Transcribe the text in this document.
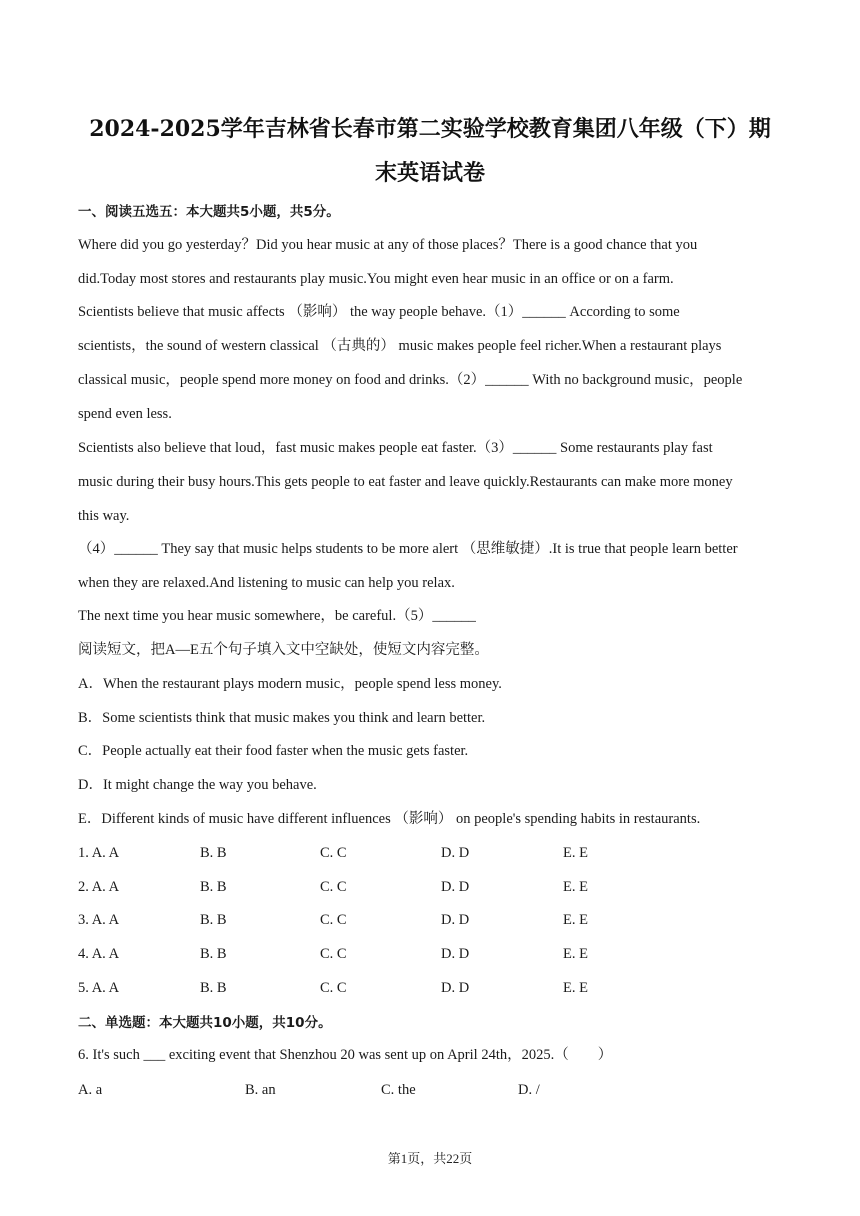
2024-2025学年吉林省长春市第二实验学校教育集团八年级（下）期
末英语试卷
一、阅读五选五：本大题共5小题，共5分。
Where did you go yesterday？Did you hear music at any of those places？There is a good chance that you
did.Today most stores and restaurants play music.You might even hear music in an office or on a farm.
Scientists believe that music affects （影响） the way people behave.（1）______ According to some
scientists，the sound of western classical （古典的） music makes people feel richer.When a restaurant plays
classical music，people spend more money on food and drinks.（2）______ With no background music，people
spend even less.
Scientists also believe that loud，fast music makes people eat faster.（3）______ Some restaurants play fast
music during their busy hours.This gets people to eat faster and leave quickly.Restaurants can make more money
this way.
（4）______ They say that music helps students to be more alert （思维敏捷）.It is true that people learn better
when they are relaxed.And listening to music can help you relax.
The next time you hear music somewhere，be careful.（5）______
阅读短文，把A—E五个句子填入文中空缺处，使短文内容完整。
A．When the restaurant plays modern music，people spend less money.
B．Some scientists think that music makes you think and learn better.
C．People actually eat their food faster when the music gets faster.
D．It might change the way you behave.
E．Different kinds of music have different influences （影响） on people's spending habits in restaurants.
1. A. A	B. B	C. C	D. D	E. E
2. A. A	B. B	C. C	D. D	E. E
3. A. A	B. B	C. C	D. D	E. E
4. A. A	B. B	C. C	D. D	E. E
5. A. A	B. B	C. C	D. D	E. E
二、单选题：本大题共10小题，共10分。
6. It's such ___ exciting event that Shenzhou 20 was sent up on April 24th，2025.（　　）
A. a	B. an	C. the	D. /
第1页，共22页
